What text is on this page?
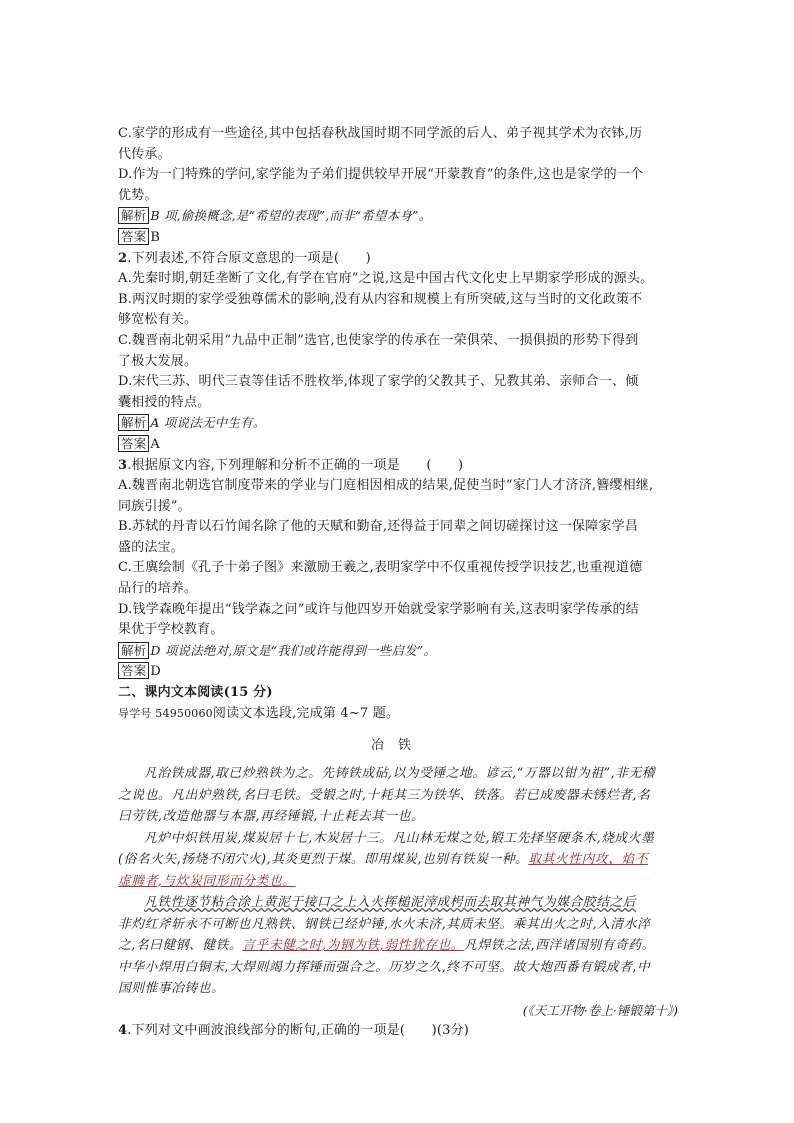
C.家学的形成有一些途径,其中包括春秋战国时期不同学派的后人、弟子视其学术为衣钵,历
代传承。
D.作为一门特殊的学问,家学能为子弟们提供较早开展“开蒙教育”的条件,这也是家学的一个
优势。
解析 B 项,偷换概念,是“希望的表现”,而非“希望本身”。
答案 B
2.下列表述,不符合原文意思的一项是(　　)
A.先秦时期,朝廷垄断了文化,有学在官府”之说,这是中国古代文化史上早期家学形成的源头。
B.两汉时期的家学受独尊儒术的影响,没有从内容和规模上有所突破,这与当时的文化政策不
够宽松有关。
C.魏晋南北朝采用“九品中正制”选官,也使家学的传承在一荣俱荣、一损俱损的形势下得到
了极大发展。
D.宋代三苏、明代三袁等佳话不胜枚举,体现了家学的父教其子、兄教其弟、亲师合一、倾
囊相授的特点。
解析 A 项说法无中生有。
答案 A
3.根据原文内容,下列理解和分析不正确的一项是　　(　　)
A.魏晋南北朝选官制度带来的学业与门庭相因相成的结果,促使当时“家门人才济济,簪缨相继,
同族引援”。
B.苏轼的丹青以石竹闻名除了他的天赋和勤奋,还得益于同辈之间切磋探讨这一保障家学昌
盛的法宝。
C.王廙绘制《孔子十弟子图》来激励王羲之,表明家学中不仅重视传授学识技艺,也重视道德
品行的培养。
D.钱学森晚年提出“钱学森之问”或许与他四岁开始就受家学影响有关,这表明家学传承的结
果优于学校教育。
解析 D 项说法绝对,原文是“我们或许能得到一些启发”。
答案 D
二、课内文本阅读(15 分)
导学号 54950060阅读文本选段,完成第 4~7 题。
冶铁
凡治铁成器,取已炒熟铁为之。先铸铁成砧,以为受锤之地。谚云,“万器以钳为祖”,非无稽
之说也。凡出炉熟铁,名曰毛铁。受锻之时,十耗其三为铁华、铁落。若已成废器未锈烂者,名
曰劳铁,改造他器与本器,再经锤锻,十止耗去其一也。
凡炉中炽铁用炭,煤炭居十七,木炭居十三。凡山林无煤之处,锻工先择坚硬条木,烧成火墨
(俗名火矢,扬烧不闭穴火),其炎更烈于煤。即用煤炭,也别有铁炭一种。取其火性内攻、焰不
虚腾者,与炊炭同形而分类也。
凡铁性逐节粘合涂上黄泥于接口之上入火挥槌泥滓成枵而去取其神气为媒合胶结之后
非灼红斧斩永不可断也凡熟铁、钢铁已经炉锤,水火未济,其质未坚。乘其出火之时,入清水淬
之,名曰健钢、健铁。言乎未健之时,为钢为铁,弱性犹存也。凡焊铁之法,西洋诸国别有奇药。
中华小焊用白铜末,大焊则竭力挥锤而强合之。历岁之久,终不可坚。故大炮西番有锻成者,中
国则惟事冶铸也。
(《天工开物·卷上·锤锻第十》)
4.下列对文中画波浪线部分的断句,正确的一项是(　　)(3分)
